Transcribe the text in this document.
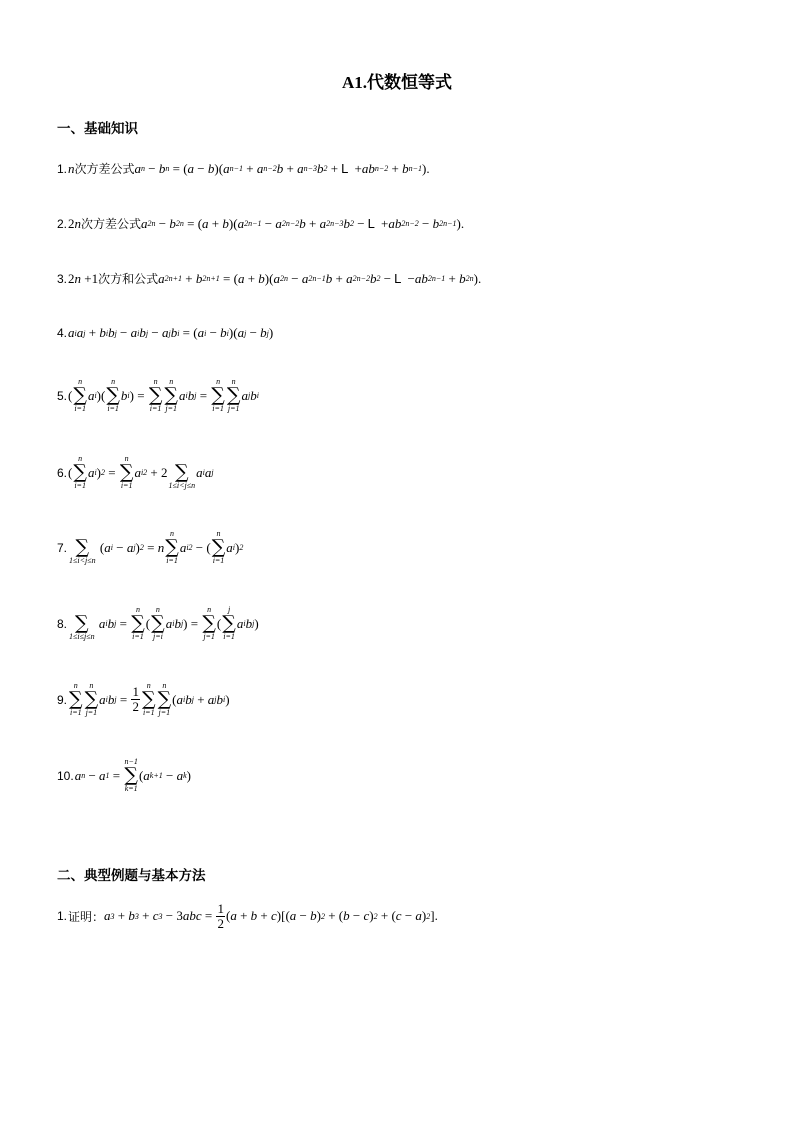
A1.代数恒等式
一、基础知识
1. n 次方差公式 a n − b n = ( a − b )( a n−1 + a n−2 b + a n−3 b 2 + L + ab n−2 + b n−1 ).
2. 2 n 次方差公式 a 2n − b 2n = ( a + b )( a 2n−1 − a 2n−2 b + a 2n−3 b 2 − L + ab 2n−2 − b 2n−1 ).
3. 2 n +1 次方和公式 a 2n+1 + b 2n+1 = ( a + b )( a 2n − a 2n−1 b + a 2n−2 b 2 − L − ab 2n−1 + b 2n ).
4. a i a j + b i b j − a i b j − a j b i = ( a i − b i )( a j − b j )
5. (
n
∑
i=1
a i )(
n
∑
i=1
b i ) =
n
∑
i=1
n
∑
j=1
a i b j =
n
∑
i=1
n
∑
j=1
a j b i
6. (
n
∑
i=1
a i ) 2 =
n
∑
i=1
a i 2 + 2
∑
1≤i<j≤n
a i a j
7.
∑
1≤i<j≤n
( a i − a j ) 2 = n
n
∑
i=1
a i 2 − (
n
∑
i=1
a i ) 2
8.
∑
1≤i≤j≤n

a i b j =
n
∑
i=1
(
n
∑
j=i
a i b j ) =
n
∑
j=1
(
j
∑
i=1
a i b j )
9.
n
∑
i=1
n
∑
j=1
a i b $j = \frac{1}{2}$ n
∑
i=1
n
∑
j=1
( a i b j + a j b i )
10. a n − a 1 =
n−1
∑
k=1
( a k+1 − a k )
二、典型例题与基本方法
1. 证明： a 3 + b 3 + c 3 − 3 abc = $\frac{1}{2}$ ( a + b + c )[( a − b ) 2 + ( b − c ) 2 + ( c − a ) 2 ].
